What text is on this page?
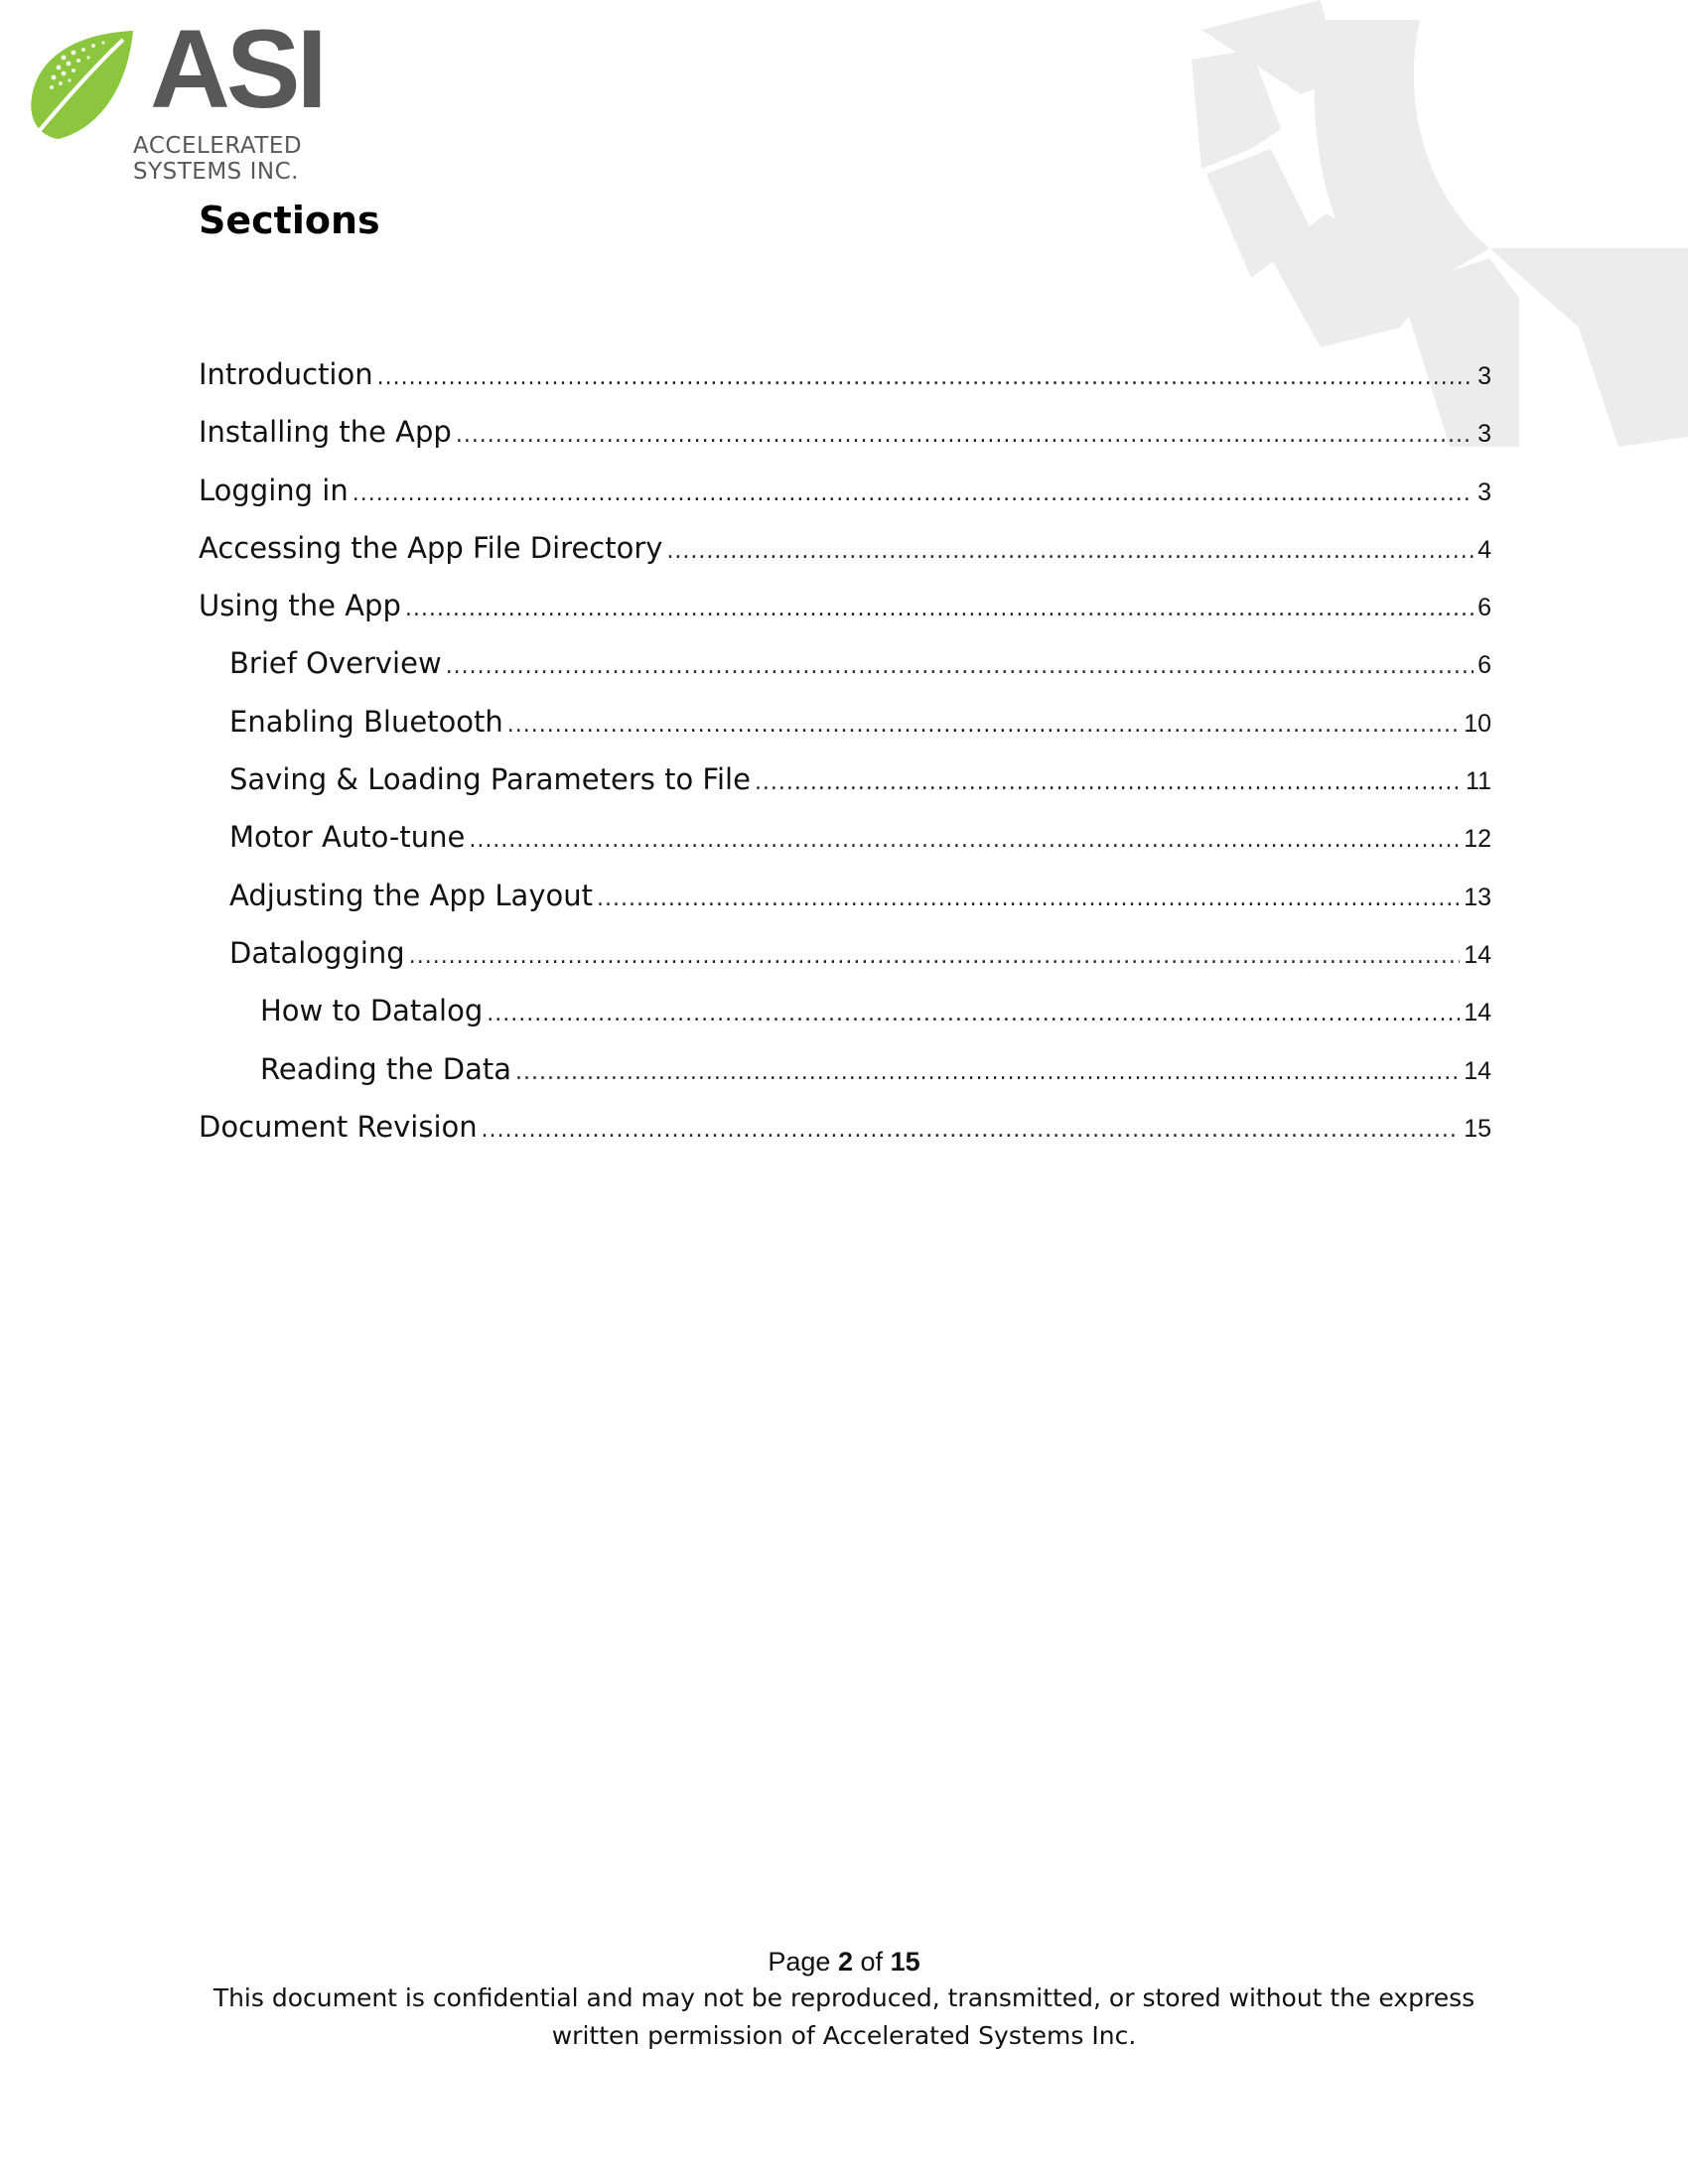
ASI
ACCELERATED
SYSTEMS INC.
Sections
Introduction .....	3
Installing the App .....	3
Logging in .....	3
Accessing the App File Directory .....	4
Using the App .....	6
Brief Overview .....	6
Enabling Bluetooth .....	10
Saving & Loading Parameters to File .....	11
Motor Auto-tune .....	12
Adjusting the App Layout .....	13
Datalogging .....	14
How to Datalog .....	14
Reading the Data .....	14
Document Revision .....	15
Page 2 of 15
This document is confidential and may not be reproduced, transmitted, or stored without the express
written permission of Accelerated Systems Inc.
